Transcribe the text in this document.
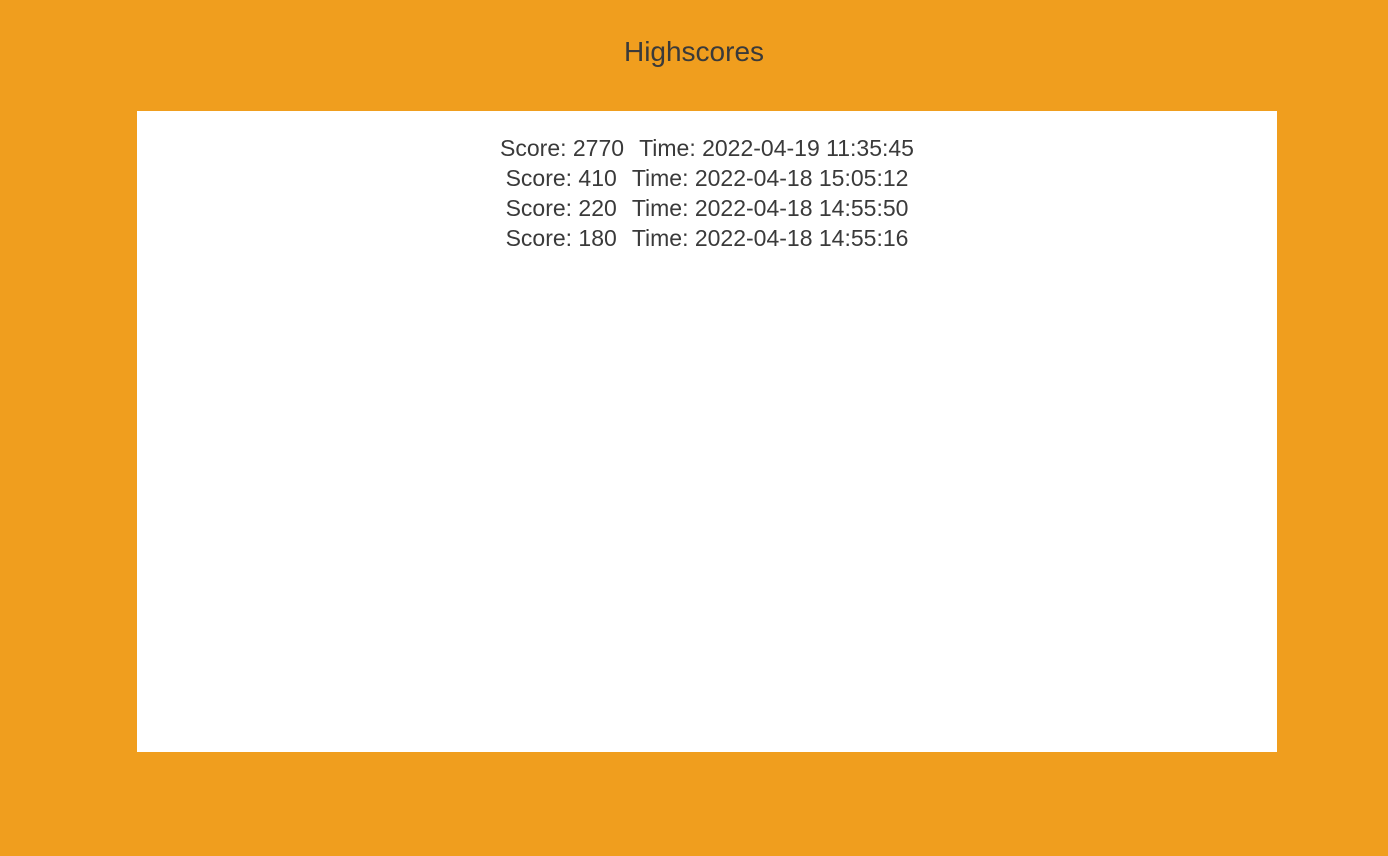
Highscores
Score: 2770 Time: 2022-04-19 11:35:45
Score: 410 Time: 2022-04-18 15:05:12
Score: 220 Time: 2022-04-18 14:55:50
Score: 180 Time: 2022-04-18 14:55:16
